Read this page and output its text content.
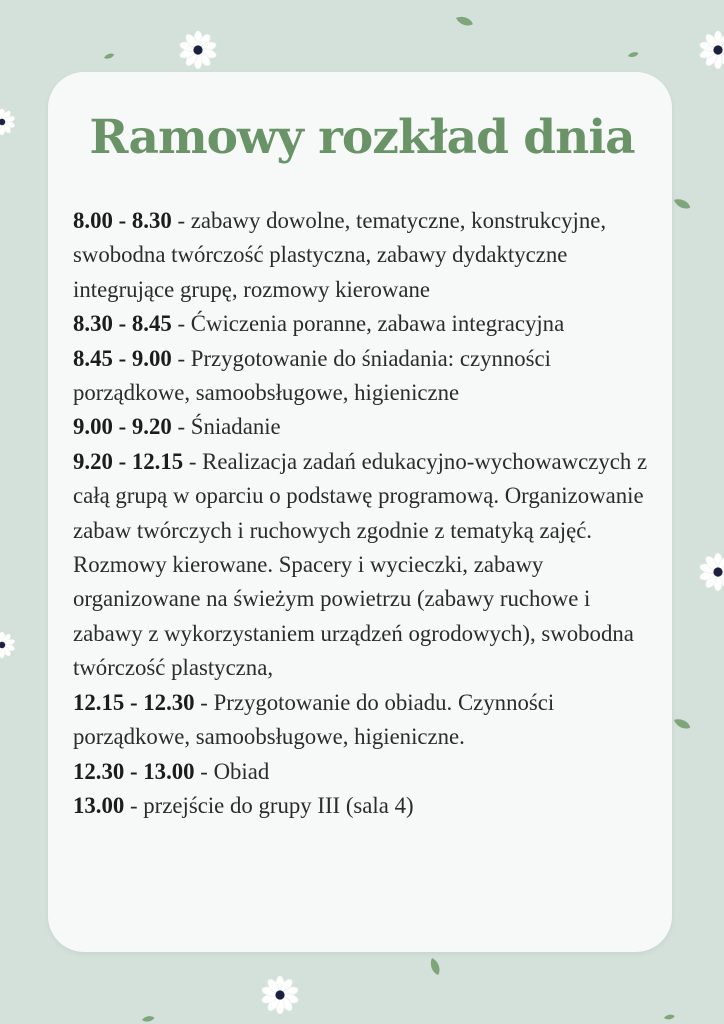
Ramowy rozkład dnia

8.00 - 8.30 - zabawy dowolne, tematyczne, konstrukcyjne, swobodna twórczość plastyczna, zabawy dydaktyczne integrujące grupę, rozmowy kierowane

8.30 - 8.45 - Ćwiczenia poranne, zabawa integracyjna

8.45 - 9.00 - Przygotowanie do śniadania: czynności porządkowe, samoobsługowe, higieniczne

9.00 - 9.20 - Śniadanie

9.20 - 12.15 - Realizacja zadań edukacyjno-wychowawczych z całą grupą w oparciu o podstawę programową. Organizowanie zabaw twórczych i ruchowych zgodnie z tematyką zajęć. Rozmowy kierowane. Spacery i wycieczki, zabawy organizowane na świeżym powietrzu (zabawy ruchowe i zabawy z wykorzystaniem urządzeń ogrodowych), swobodna twórczość plastyczna,

12.15 - 12.30 - Przygotowanie do obiadu. Czynności porządkowe, samoobsługowe, higieniczne.

12.30 - 13.00 - Obiad

13.00 - przejście do grupy III (sala 4)
